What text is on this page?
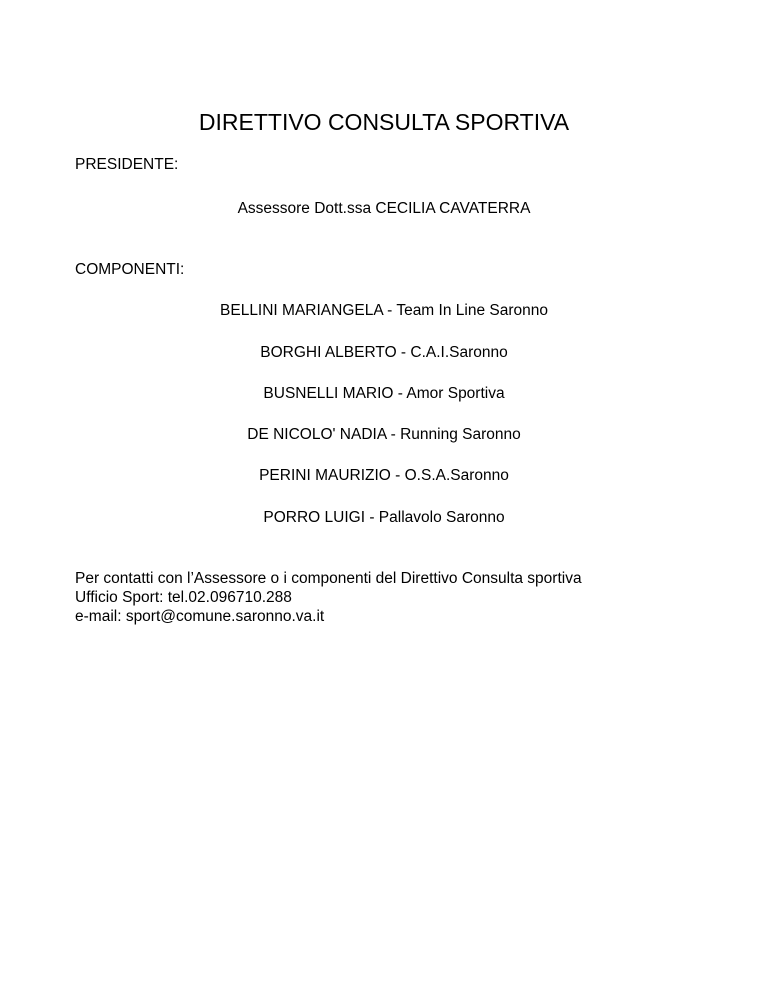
DIRETTIVO CONSULTA SPORTIVA

PRESIDENTE:

Assessore Dott.ssa CECILIA CAVATERRA

COMPONENTI:

BELLINI MARIANGELA - Team In Line Saronno
BORGHI ALBERTO - C.A.I.Saronno
BUSNELLI MARIO - Amor Sportiva
DE NICOLO' NADIA - Running Saronno
PERINI MAURIZIO - O.S.A.Saronno
PORRO LUIGI - Pallavolo Saronno
Per contatti con l’Assessore o i componenti del Direttivo Consulta sportiva
Ufficio Sport: tel.02.096710.288
e-mail: sport@comune.saronno.va.it
